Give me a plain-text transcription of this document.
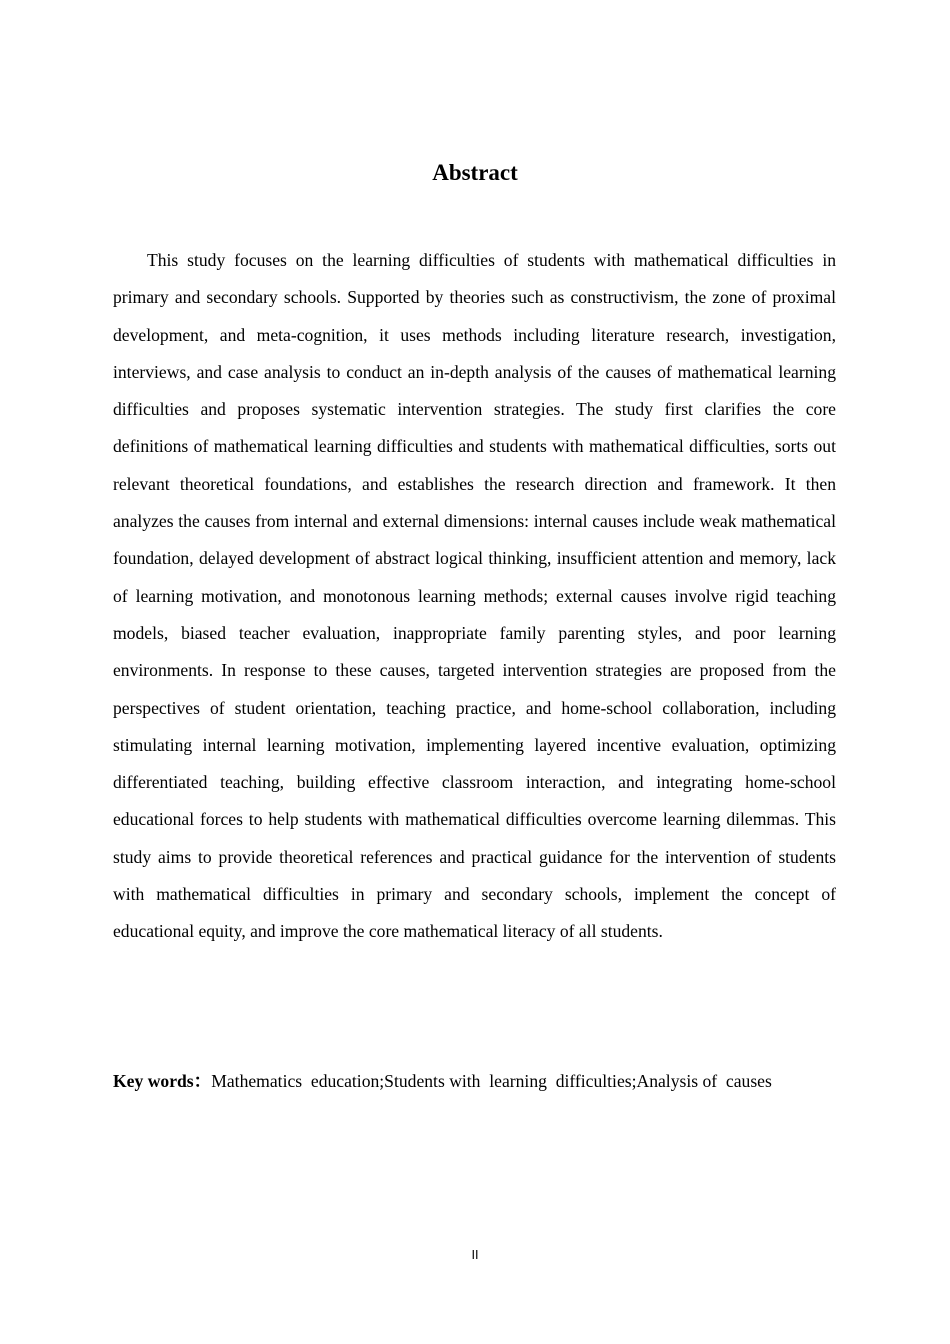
Abstract

This study focuses on the learning difficulties of students with mathematical difficulties in primary and secondary schools. Supported by theories such as constructivism, the zone of proximal development, and meta-cognition, it uses methods including literature research, investigation, interviews, and case analysis to conduct an in-depth analysis of the causes of mathematical learning difficulties and proposes systematic intervention strategies. The study first clarifies the core definitions of mathematical learning difficulties and students with mathematical difficulties, sorts out relevant theoretical foundations, and establishes the research direction and framework. It then analyzes the causes from internal and external dimensions: internal causes include weak mathematical foundation, delayed development of abstract logical thinking, insufficient attention and memory, lack of learning motivation, and monotonous learning methods; external causes involve rigid teaching models, biased teacher evaluation, inappropriate family parenting styles, and poor learning environments. In response to these causes, targeted intervention strategies are proposed from the perspectives of student orientation, teaching practice, and home-school collaboration, including stimulating internal learning motivation, implementing layered incentive evaluation, optimizing differentiated teaching, building effective classroom interaction, and integrating home-school educational forces to help students with mathematical difficulties overcome learning dilemmas. This study aims to provide theoretical references and practical guidance for the intervention of students with mathematical difficulties in primary and secondary schools, implement the concept of educational equity, and improve the core mathematical literacy of all students.

Key words：Mathematics  education;Students with  learning  difficulties;Analysis of  causes
II
